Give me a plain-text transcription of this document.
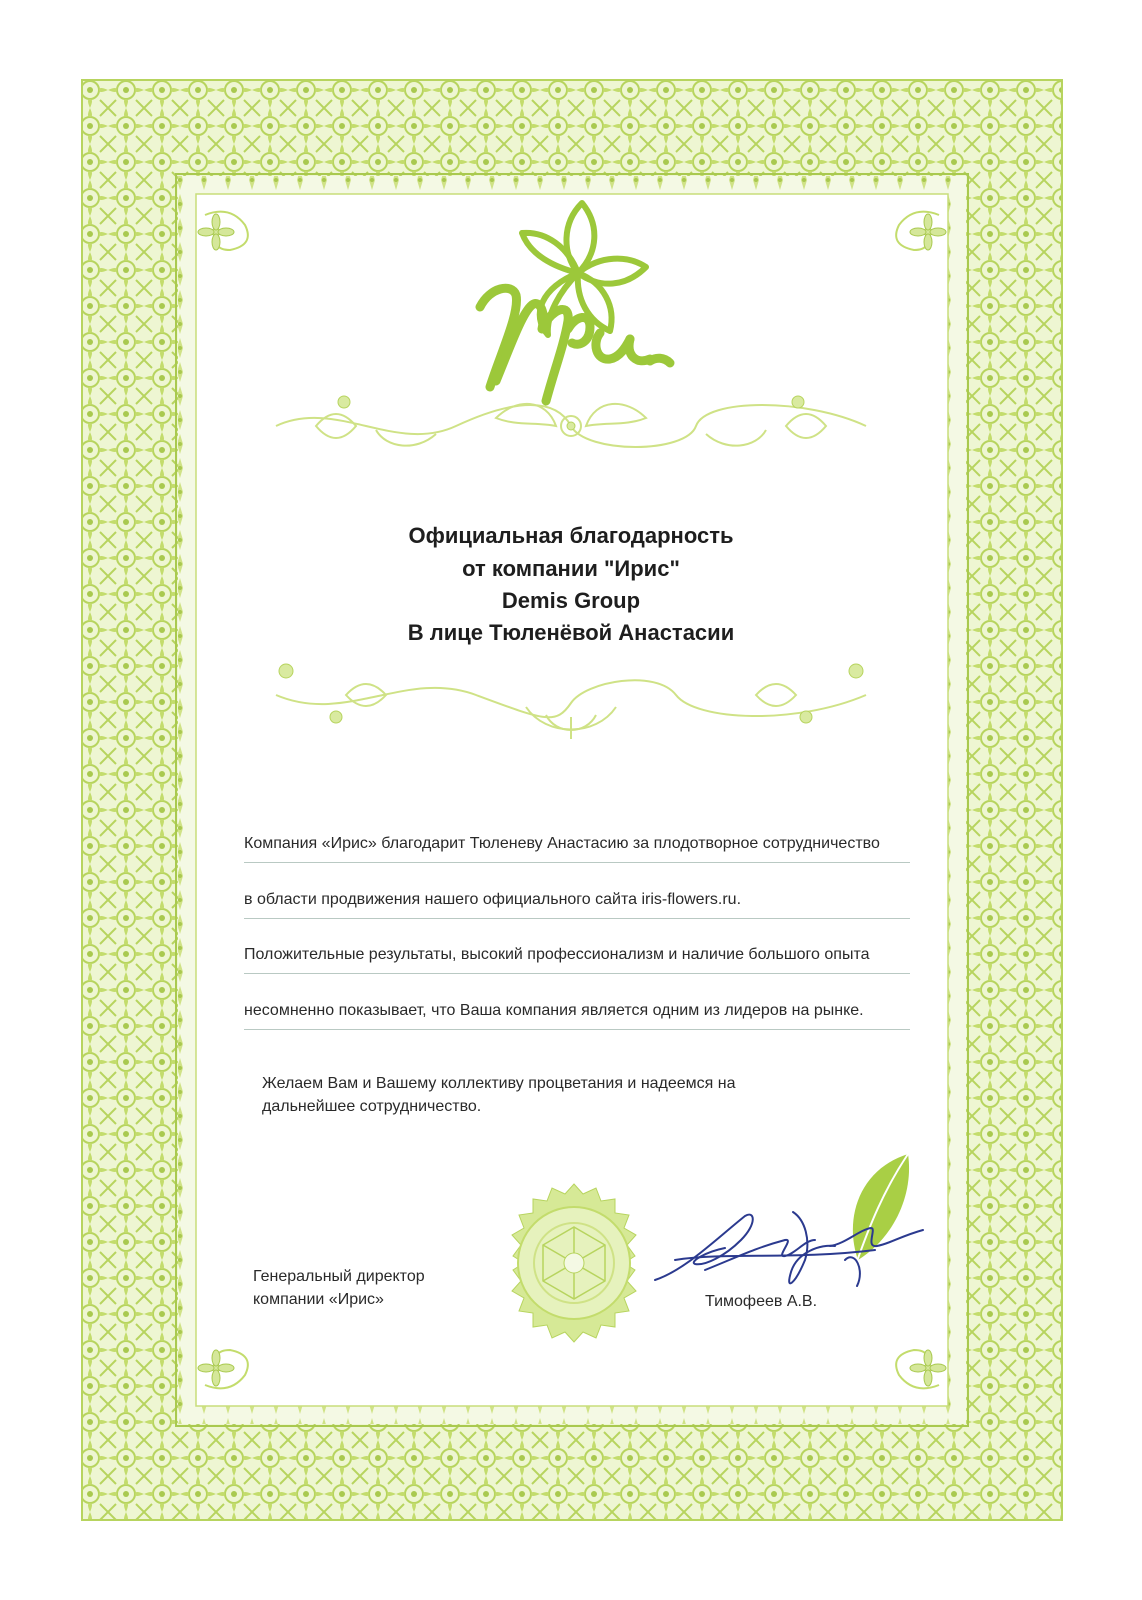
Официальная благодарность
от компании "Ирис"
Demis Group
В лице Тюленёвой Анастасии
Компания «Ирис» благодарит Тюленеву Анастасию за плодотворное сотрудничество
в области продвижения нашего официального сайта iris-flowers.ru.
Положительные результаты, высокий профессионализм и наличие большого опыта
несомненно показывает, что Ваша компания является одним из лидеров на рынке.
Желаем Вам и Вашему коллективу процветания и надеемся на
дальнейшее сотрудничество.
Генеральный директор
компании «Ирис»	Тимофеев А.В.
